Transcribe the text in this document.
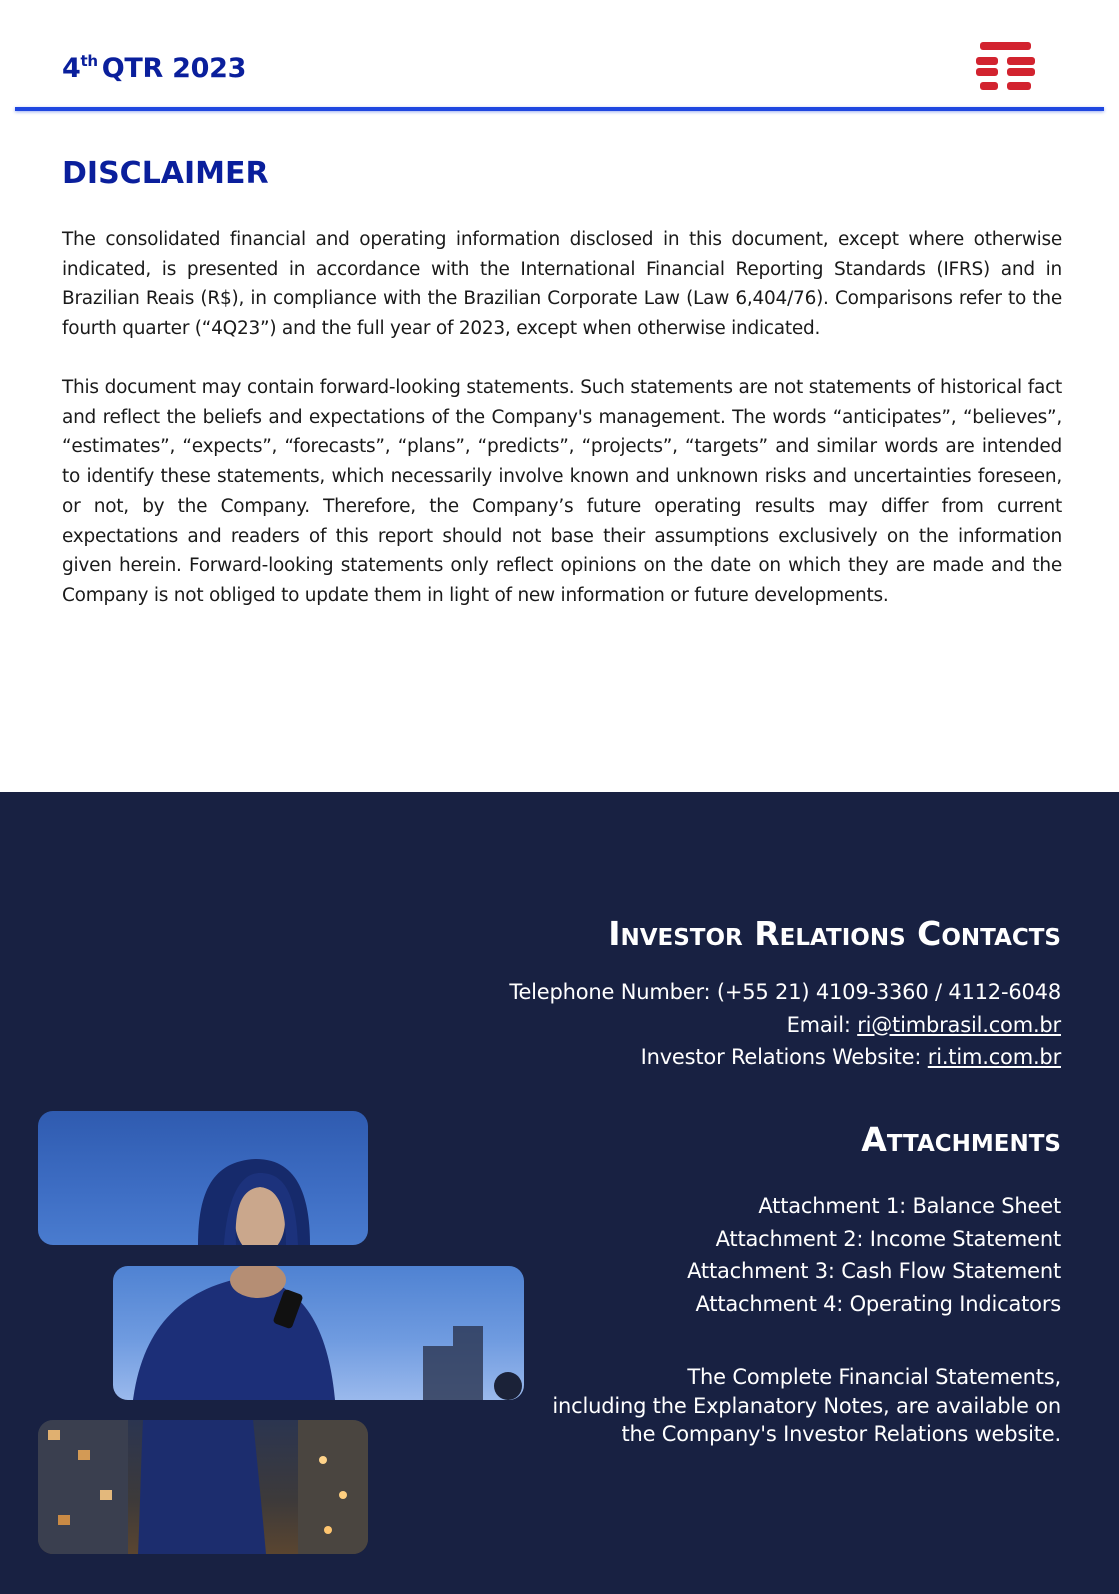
4th QTR 2023
DISCLAIMER

The consolidated financial and operating information disclosed in this document, except where otherwise indicated, is presented in accordance with the International Financial Reporting Standards (IFRS) and in Brazilian Reais (R$), in compliance with the Brazilian Corporate Law (Law 6,404/76). Comparisons refer to the fourth quarter (“4Q23”) and the full year of 2023, except when otherwise indicated.

This document may contain forward-looking statements. Such statements are not statements of historical fact and reflect the beliefs and expectations of the Company's management. The words “anticipates”, “believes”, “estimates”, “expects”, “forecasts”, “plans”, “predicts”, “projects”, “targets” and similar words are intended to identify these statements, which necessarily involve known and unknown risks and uncertainties foreseen, or not, by the Company. Therefore, the Company’s future operating results may differ from current expectations and readers of this report should not base their assumptions exclusively on the information given herein. Forward-looking statements only reflect opinions on the date on which they are made and the Company is not obliged to update them in light of new information or future developments.

Investor Relations Contacts
Telephone Number: (+55 21) 4109-3360 / 4112-6048
Email: ri@timbrasil.com.br
Investor Relations Website: ri.tim.com.br
Attachments
Attachment 1: Balance Sheet
Attachment 2: Income Statement
Attachment 3: Cash Flow Statement
Attachment 4: Operating Indicators
The Complete Financial Statements,
including the Explanatory Notes, are available on
the Company's Investor Relations website.
